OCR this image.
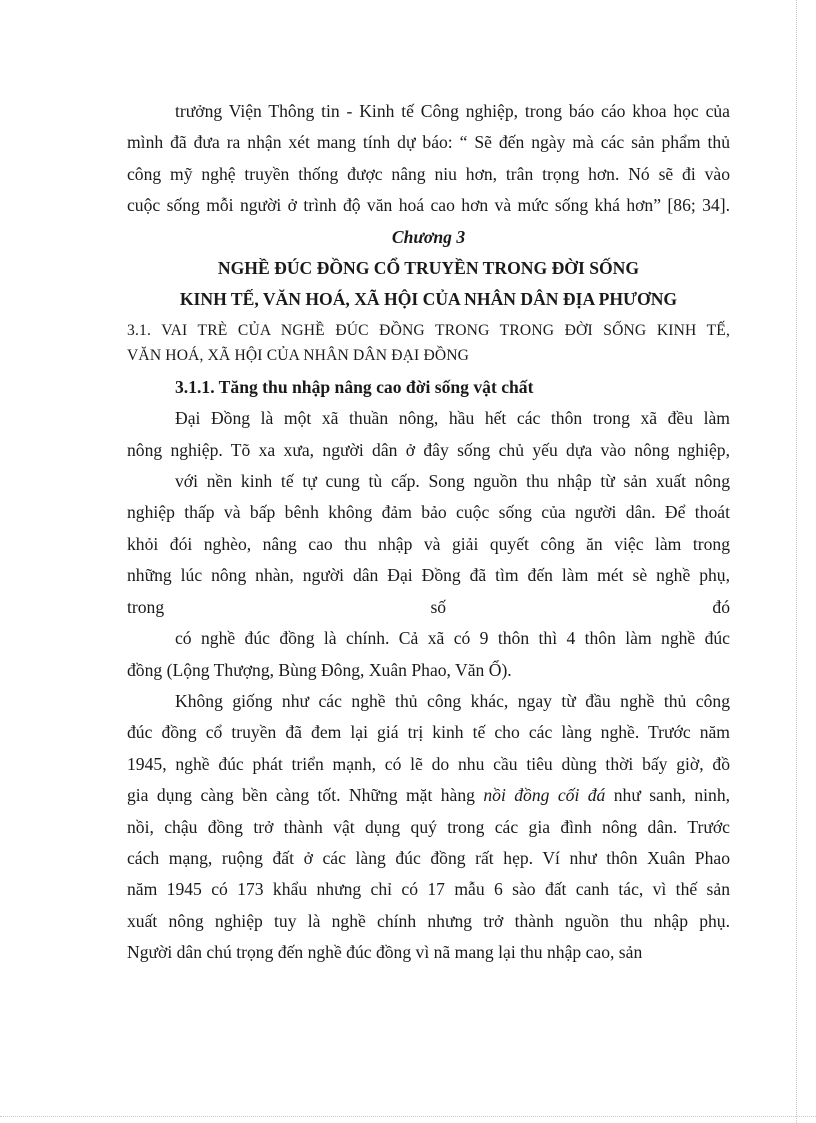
trưởng Viện Thông tin - Kinh tế Công nghiệp, trong báo cáo khoa học của

mình đã đưa ra nhận xét mang tính dự báo: “ Sẽ đến ngày mà các sản phẩm thủ

công mỹ nghệ truyền thống được nâng niu hơn, trân trọng hơn. Nó sẽ đi vào

cuộc sống mỗi người ở trình độ văn hoá cao hơn và mức sống khá hơn” [86; 34].

Chương 3

NGHỀ ĐÚC ĐỒNG CỔ TRUYỀN TRONG ĐỜI SỐNG

KINH TẾ, VĂN HOÁ, XÃ HỘI CỦA NHÂN DÂN ĐỊA PHƯƠNG

3.1. VAI TRÈ CỦA NGHỀ ĐÚC ĐỒNG TRONG TRONG ĐỜI SỐNG KINH TẾ,

VĂN HOÁ, XÃ HỘI CỦA NHÂN DÂN ĐẠI ĐỒNG

3.1.1. Tăng thu nhập nâng cao đời sống vật chất

Đại Đồng là một xã thuần nông, hầu hết các thôn trong xã đều làm

nông nghiệp. Tõ xa xưa, người dân ở đây sống chủ yếu dựa vào nông nghiệp,

với nền kinh tế tự cung tù cấp. Song nguồn thu nhập từ sản xuất nông

nghiệp thấp và bấp bênh không đảm bảo cuộc sống của người dân. Để thoát

khỏi đói nghèo, nâng cao thu nhập và giải quyết công ăn việc làm trong

những lúc nông nhàn, người dân Đại Đồng đã tìm đến làm mét sè nghề phụ,

trong	số	đó

có nghề đúc đồng là chính. Cả xã có 9 thôn thì 4 thôn làm nghề đúc

đồng (Lộng Thượng, Bùng Đông, Xuân Phao, Văn Ổ).

Không giống như các nghề thủ công khác, ngay từ đầu nghề thủ công

đúc đồng cổ truyền đã đem lại giá trị kinh tế cho các làng nghề. Trước năm

1945, nghề đúc phát triển mạnh, có lẽ do nhu cầu tiêu dùng thời bấy giờ, đồ

gia dụng càng bền càng tốt. Những mặt hàng nồi đồng cối đá như sanh, ninh,

nồi, chậu đồng trở thành vật dụng quý trong các gia đình nông dân. Trước

cách mạng, ruộng đất ở các làng đúc đồng rất hẹp. Ví như thôn Xuân Phao

năm 1945 có 173 khẩu nhưng chỉ có 17 mẫu 6 sào đất canh tác, vì thế sản

xuất nông nghiệp tuy là nghề chính nhưng trở thành nguồn thu nhập phụ.

Người dân chú trọng đến nghề đúc đồng vì nã mang lại thu nhập cao, sản
